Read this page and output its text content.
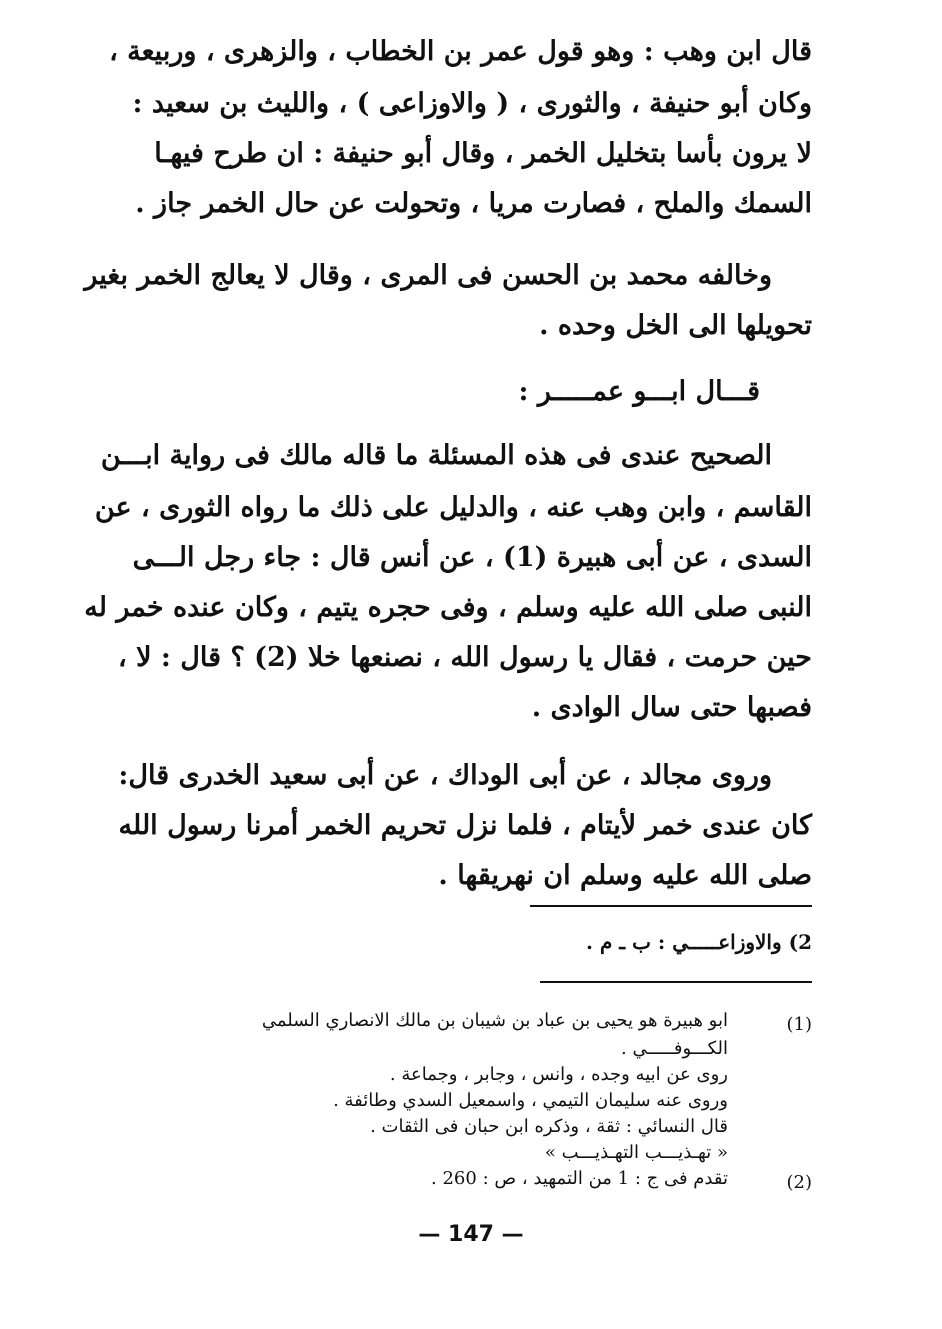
قال ابن وهب : وهو قول عمر بن الخطاب ، والزهرى ، وربيعة ،
وكان أبو حنيفة ، والثورى ، ( والاوزاعى ) ، والليث بن سعيد :
لا يرون بأسا بتخليل الخمر ، وقال أبو حنيفة : ان طرح فيهـا
السمك والملح ، فصارت مريا ، وتحولت عن حال الخمر جاز .
وخالفه محمد بن الحسن فى المرى ، وقال لا يعالج الخمر بغير
تحويلها الى الخل وحده .
قـــال ابـــو عمـــــر :
الصحيح عندى فى هذه المسئلة ما قاله مالك فى رواية ابـــن
القاسم ، وابن وهب عنه ، والدليل على ذلك ما رواه الثورى ، عن
السدى ، عن أبى هبيرة (1) ، عن أنس قال : جاء رجل الـــى
النبى صلى الله عليه وسلم ، وفى حجره يتيم ، وكان عنده خمر له
حين حرمت ، فقال يا رسول الله ، نصنعها خلا (2) ؟ قال : لا ،
فصبها حتى سال الوادى .
وروى مجالد ، عن أبى الوداك ، عن أبى سعيد الخدرى قال:
كان عندى خمر لأيتام ، فلما نزل تحريم الخمر أمرنا رسول الله
صلى الله عليه وسلم ان نهريقها .
2) والاوزاعـــــي : ب ـ م .
(1)
ابو هبيرة هو يحيى بن عباد بن شيبان بن مالك الانصاري السلمي
الكـــوفـــــي .
روى عن ابيه وجده ، وانس ، وجابر ، وجماعة .
وروى عنه سليمان التيمي ، واسمعيل السدي وطائفة .
قال النسائي : ثقة ، وذكره ابن حبان فى الثقات .
« تهـذيـــب التهـذيـــب »
(2)
تقدم فى ج : 1 من التمهيد ، ص : 260 .
— 147 —
